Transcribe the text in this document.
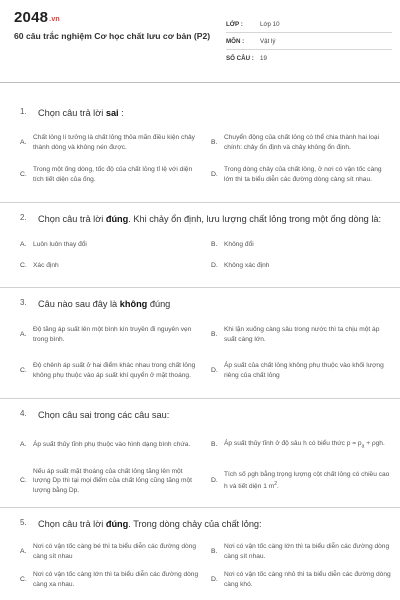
2048.vn
60 câu trắc nghiệm Cơ học chất lưu cơ bản (P2)
LỚP :	Lớp 10
MÔN :	Vật lý
SỐ CÂU : 19
1.	Chọn câu trả lời sai :
A.
Chất lỏng lí tưởng là chất lỏng thỏa mãn điều kiện chảy thành dòng và không nén được.
B.
Chuyển động của chất lỏng có thể chia thành hai loại chính: chảy ổn định và chảy không ổn định.
C.
Trong một ống dòng, tốc độ của chất lỏng tỉ lệ với diện tích tiết diện của ống.
D.
Trong dòng chảy của chất lỏng, ở nơi có vận tốc càng lớn thì ta biểu diễn các đường dòng càng sít nhau.
2.	Chọn câu trả lời đúng. Khi chảy ổn định, lưu lượng chất lỏng trong một ống dòng là:
A. Luôn luôn thay đổi	B. Không đổi
C. Xác định	D. Không xác định
3.	Câu nào sau đây là không đúng
A.
Độ tăng áp suất lên một bình kín truyền đi nguyên vẹn trong bình.
B.
Khi lặn xuống càng sâu trong nước thì ta chịu một áp suất càng lớn.
C.
Độ chênh áp suất ở hai điểm khác nhau trong chất lỏng không phụ thuộc vào áp suất khí quyển ở mặt thoáng.
D.
Áp suất của chất lỏng không phụ thuộc vào khối lượng riêng của chất lỏng
4.	Chọn câu sai trong các câu sau:
A. Áp suất thủy tĩnh phụ thuộc vào hình dạng bình chứa.	B. Áp suất thủy tĩnh ở độ sâu h có biểu thức $p = p_a + \rho gh$.
C.
Nếu áp suất mặt thoáng của chất lỏng tăng lên một lượng Dp thì tại mọi điểm của chất lỏng cũng tăng một lượng bằng Dp.
D.
Tích số ρgh bằng trọng lượng cột chất lỏng có chiều cao h và tiết diện 1 $m^2$.
5.	Chọn câu trả lời đúng. Trong dòng chảy của chất lỏng:
A.
Nơi có vận tốc càng bé thì ta biểu diễn các đường dòng càng sít nhau
B.
Nơi có vận tốc càng lớn thì ta biểu diễn các đường dòng càng sít nhau.
C.
Nơi có vận tốc càng lớn thì ta biểu diễn các đường dòng càng xa nhau.
D.
Nơi có vận tốc càng nhỏ thì ta biểu diễn các đường dòng càng khó.
